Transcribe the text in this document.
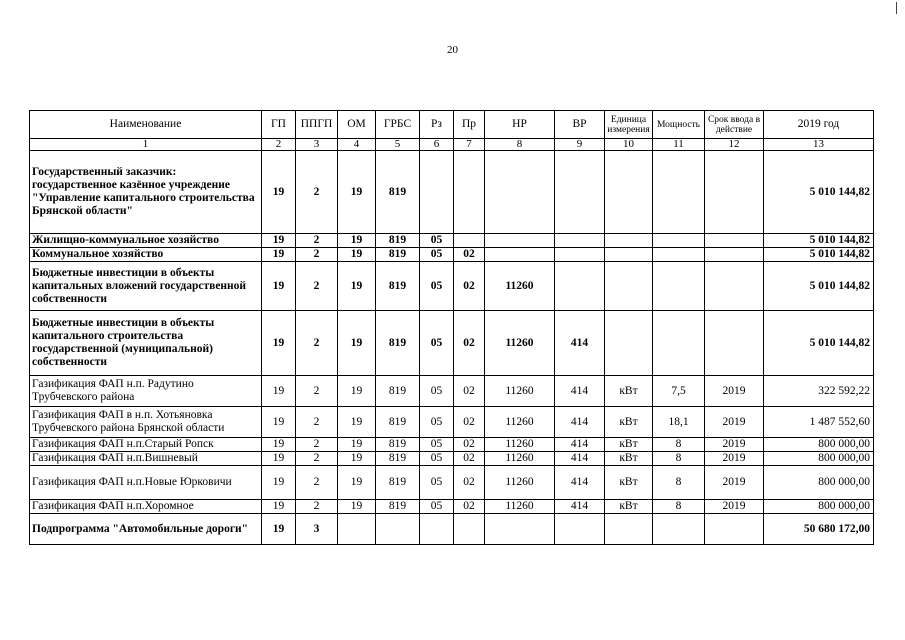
20
Наименование	ГП	ППГП	ОМ	ГРБС	Рз	Пр	НР	ВР	Единица измерения	Мощность	Срок ввода в действие	2019 год
1	2	3	4	5	6	7	8	9	10	11	12	13
Государственный заказчик: государственное казённое учреждение "Управление капитального строительства Брянской области"	19	2	19	819								5 010 144,82
Жилищно-коммунальное хозяйство	19	2	19	819	05							5 010 144,82
Коммунальное хозяйство	19	2	19	819	05	02						5 010 144,82
Бюджетные инвестиции в объекты капитальных вложений государственной собственности	19	2	19	819	05	02	11260					5 010 144,82
Бюджетные инвестиции в объекты капитального строительства государственной (муниципальной) собственности	19	2	19	819	05	02	11260	414				5 010 144,82
Газификация ФАП н.п. Радутино Трубчевского района	19	2	19	819	05	02	11260	414	кВт	7,5	2019	322 592,22
Газификация ФАП в н.п. Хотьяновка Трубчевского района Брянской области	19	2	19	819	05	02	11260	414	кВт	18,1	2019	1 487 552,60
Газификация ФАП н.п.Старый Ропск	19	2	19	819	05	02	11260	414	кВт	8	2019	800 000,00
Газификация ФАП н.п.Вишневый	19	2	19	819	05	02	11260	414	кВт	8	2019	800 000,00
Газификация ФАП н.п.Новые Юрковичи	19	2	19	819	05	02	11260	414	кВт	8	2019	800 000,00
Газификация ФАП н.п.Хоромное	19	2	19	819	05	02	11260	414	кВт	8	2019	800 000,00
Подпрограмма "Автомобильные дороги"	19	3										50 680 172,00
